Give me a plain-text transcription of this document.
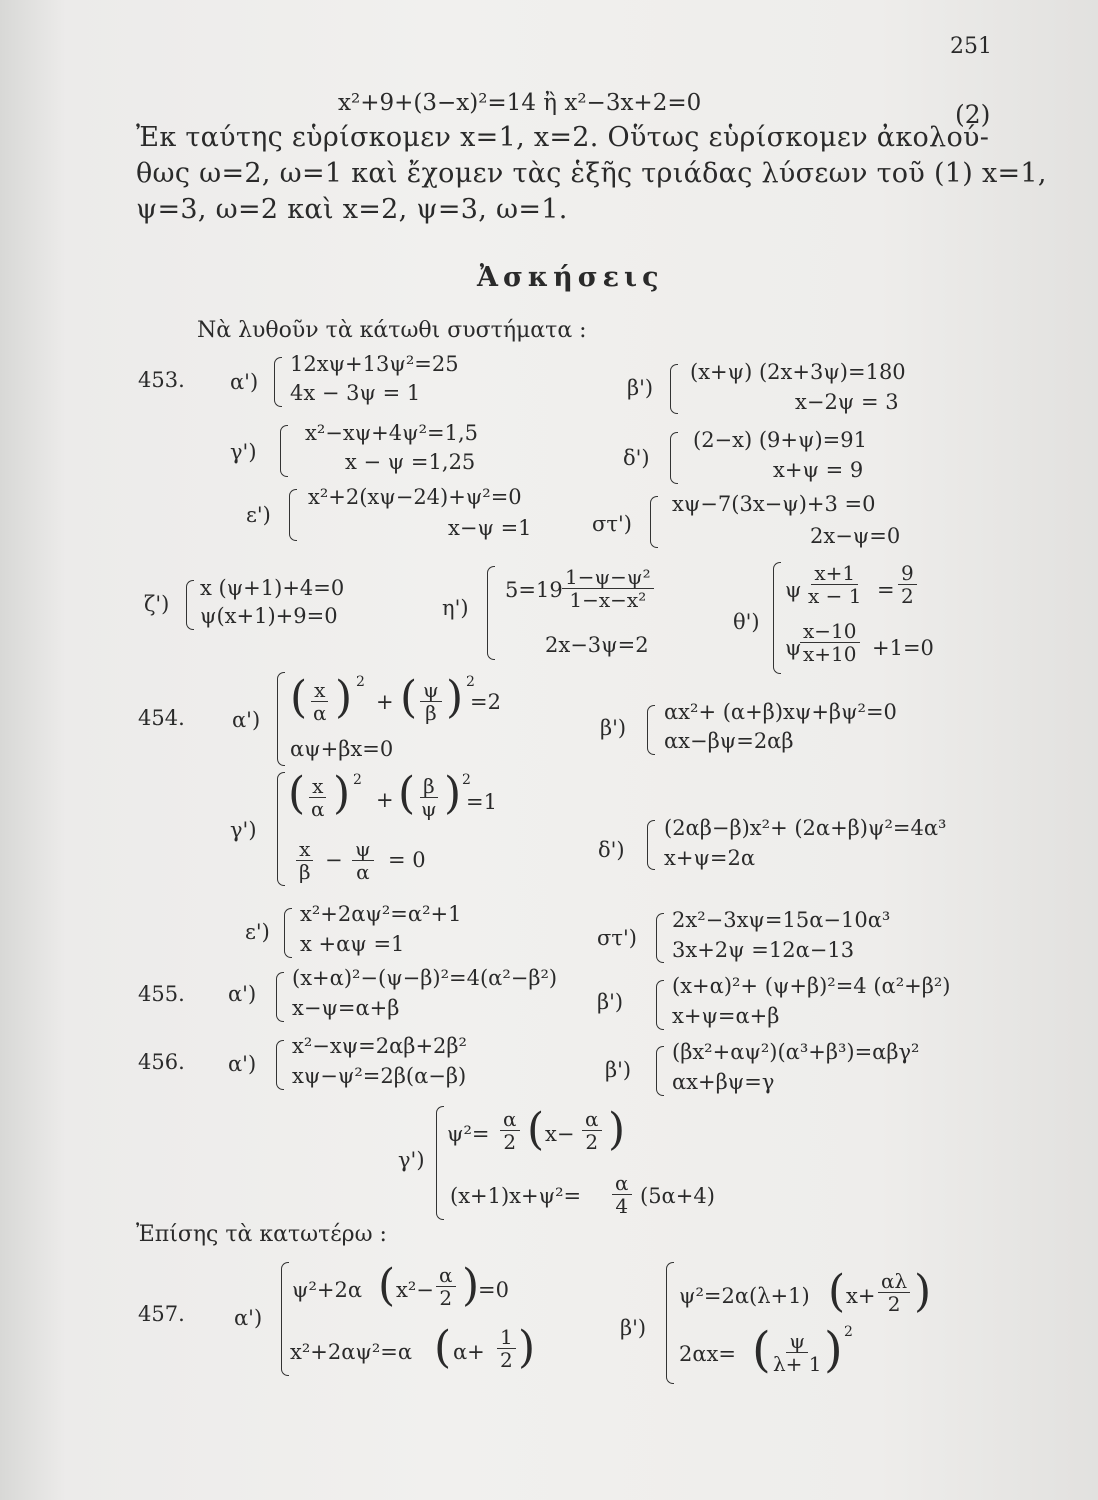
251
x²+9+(3−x)²=14 ἢ x²−3x+2=0	(2)
Ἐκ ταύτης εὑρίσκομεν x=1, x=2. Οὕτως εὑρίσκομεν ἀκολού-
θως ω=2, ω=1 καὶ ἔχομεν τὰς ἑξῆς τριάδας λύσεων τοῦ (1) x=1,
ψ=3, ω=2 καὶ x=2, ψ=3, ω=1.
Ἀσκήσεις
Νὰ λυθοῦν τὰ κάτωθι συστήματα :
453. α')
12xψ+13ψ²=25
4x − 3ψ = 1	β')
(x+ψ) (2x+3ψ)=180
x−2ψ = 3
γ')
x²−xψ+4ψ²=1,5
x − ψ =1,25	δ')
(2−x) (9+ψ)=91
x+ψ = 9
ε')
x²+2(xψ−24)+ψ²=0
x−ψ =1	στ')
xψ−7(3x−ψ)+3 =0
2x−ψ=0
ζ')
x (ψ+1)+4=0
ψ(x+1)+9=0	η')
$5=19 \frac{\text{1−ψ−ψ²}}{\text{1−x−x²}}$
2x−3ψ=2
θ')
ψ $\frac{x+1}{x - 1} = \frac{9}{2}$
ψ
$\frac{x-10}{x+10} +1=0$
454. α') ( $\frac{x}{\alpha}$ ) 2
+ ( $\frac{\psi}{\beta}$ ) 2
=2
αψ+βx=0
β')
αx²+ (α+β)xψ+βψ²=0
αx−βψ=2αβ
γ')
( $\frac{x}{\alpha}$ ) 2
+ ( $\frac{\beta}{\psi}$ ) 2
=1
$\frac{x}{\beta} - \frac{\psi}{\alpha} = 0$	δ')
(2αβ−β)x²+ (2α+β)ψ²=4α³
x+ψ=2α
ε')
x²+2αψ²=α²+1
x +αψ =1	στ')
2x²−3xψ=15α−10α³
3x+2ψ =12α−13
455. α')
(x+α)²−(ψ−β)²=4(α²−β²)
x−ψ=α+β	β')
(x+α)²+ (ψ+β)²=4 (α²+β²)
x+ψ=α+β
456. α')
x²−xψ=2αβ+2β²
xψ−ψ²=2β(α−β)	β')
(βx²+αψ²)(α³+β³)=αβγ²
αx+βψ=γ
γ')
$\psi^2= \frac{\alpha}{2}$ ( $x- \frac{\alpha}{2}$ )
$(x+1)x+\psi^2= \frac{\alpha}{4} (5\alpha+4)$
Ἐπίσης τὰ κατωτέρω :
457. α')
ψ²+2α ( $x^2- \frac{\alpha}{2}$ )
=0
x²+2αψ²=α ( $\alpha+ \frac{1}{2}$ )	β')
ψ²=2α(λ+1) ( $x+ \frac{\alpha\lambda}{2}$ )
2αx= ( $\frac{\psi}{\lambda+ 1}$ ) 2
